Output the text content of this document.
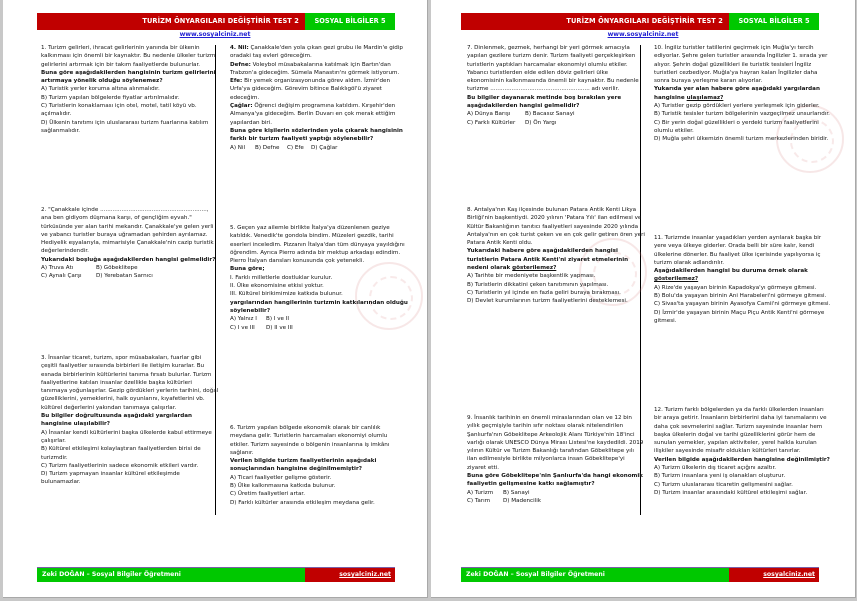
TURİZM ÖNYARGILARI DEĞİŞTİRİR TEST 2	SOSYAL BİLGİLER 5
www.sosyalciniz.net

1. Turizm gelirleri, ihracat gelirlerinin yanında bir ülkenin kalkınması için önemli bir kaynaktır. Bu nedenle ülkeler turizm gelirlerini artırmak için bir takım faaliyetlerde bulunurlar.

Buna göre aşağıdakilerden hangisinin turizm gelirlerini artırmaya yönelik olduğu söylenemez?

A) Turistik yerler koruma altına alınmalıdır.
B) Turizm yapılan bölgelerde fiyatlar artırılmalıdır.
C) Turistlerin konaklaması için otel, motel, tatil köyü vb. açılmalıdır.
D) Ülkenin tanıtımı için uluslararası turizm fuarlarına katılım sağlanmalıdır.

2. "Çanakkale içinde ............................................................, ana ben gidiyom düşmana karşı, of gençliğim eyvah." türküsünde yer alan tarihi mekandır. Çanakkale'ye gelen yerli ve yabancı turistler buraya uğramadan şehirden ayrılamaz. Hediyelik eşyalarıyla, mimarisiyle Çanakkale'nin cazip turistik değerlerindendir.

Yukarıdaki boşluğa aşağıdakilerden hangisi gelmelidir?

A) Truva Atı	B) Göbeklitepe
C) Aynalı Çarşı	D) Yerebatan Sarnıcı

3. İnsanlar ticaret, turizm, spor müsabakaları, fuarlar gibi çeşitli faaliyetler sırasında birbirleri ile iletişim kurarlar. Bu esnada birbirlerinin kültürlerini tanıma fırsatı bulurlar. Turizm faaliyetlerine katılan insanlar özellikle başka kültürleri tanımaya yoğunlaşırlar. Gezip gördükleri yerlerin tarihini, doğal güzelliklerini, yemeklerini, halk oyunlarını, kıyafetlerini vb. kültürel değerlerini yakından tanımaya çalışırlar.

Bu bilgiler doğrultusunda aşağıdaki yargılardan hangisine ulaşılabilir?

A) İnsanlar kendi kültürlerini başka ülkelerde kabul ettirmeye çalışırlar.
B) Kültürel etkileşimi kolaylaştıran faaliyetlerden birisi de turizmdir.
C) Turizm faaliyetlerinin sadece ekonomik etkileri vardır.
D) Turizm yapmayan insanlar kültürel etkileşimde bulunamazlar.

4. Nil: Çanakkale'den yola çıkan gezi grubu ile Mardin'e gidip oradaki taş evleri göreceğim.

Defne: Voleybol müsabakalarına katılmak için Bartın'dan Trabzon'a gideceğim. Sümela Manastırı'nı görmek istiyorum.

Efe: Bir yemek organizasyonunda görev aldım. İzmir'den Urfa'ya gideceğim. Görevim bitince Balıklıgöl'ü ziyaret edeceğim.

Çağlar: Öğrenci değişim programına katıldım. Kırşehir'den Almanya'ya gideceğim. Berlin Duvarı en çok merak ettiğim yapılardan biri.

Buna göre kişilerin sözlerinden yola çıkarak hangisinin farklı bir turizm faaliyeti yaptığı söylenebilir?

A) Nil	B) Defne	C) Efe	D) Çağlar

5. Geçen yaz ailemle birlikte İtalya'ya düzenlenen geziye katıldık. Venedik'te gondola bindim. Müzeleri gezdik, tarihi eserleri inceledim. Pizzanın İtalya'dan tüm dünyaya yayıldığını öğrendim. Ayrıca Pierro adında bir mektup arkadaşı edindim. Pierro İtalyan dansları konusunda çok yetenekli.

Buna göre;

I. Farklı milletlerle dostluklar kurulur.
II. Ülke ekonomisine etkisi yoktur.
III. Kültürel birikimimize katkıda bulunur.

yargılarından hangilerinin turizmin katkılarından olduğu söylenebilir?

A) Yalnız I	B) I ve II
C) I ve III	D) II ve III

6. Turizm yapılan bölgede ekonomik olarak bir canlılık meydana gelir. Turistlerin harcamaları ekonomiyi olumlu etkiler. Turizm sayesinde o bölgenin insanlarına iş imkânı sağlanır.

Verilen bilgide turizm faaliyetlerinin aşağıdaki sonuçlarından hangisine değinilmemiştir?

A) Ticari faaliyetler gelişme gösterir.
B) Ülke kalkınmasına katkıda bulunur.
C) Üretim faaliyetleri artar.
D) Farklı kültürler arasında etkileşim meydana gelir.
Zeki DOĞAN – Sosyal Bilgiler Öğretmeni	sosyalciniz.net
TURİZM ÖNYARGILARI DEĞİŞTİRİR TEST 2	SOSYAL BİLGİLER 5
www.sosyalciniz.net

7. Dinlenmek, gezmek, herhangi bir yeri görmek amacıyla yapılan gezilere turizm denir. Turizm faaliyeti gerçekleşirken turistlerin yaptıkları harcamalar ekonomiyi olumlu etkiler. Yabancı turistlerden elde edilen döviz gelirleri ülke ekonomisinin kalkınmasında önemli bir kaynaktır. Bu nedenle turizme ........................................................ adı verilir.

Bu bilgiler dayanarak metinde boş bırakılan yere aşağıdakilerden hangisi gelmelidir?

A) Dünya Barışı	B) Bacasız Sanayi
C) Farklı Kültürler	D) Ön Yargı

8. Antalya'nın Kaş ilçesinde bulunan Patara Antik Kenti Likya Birliği'nin başkentiydi. 2020 yılının 'Patara Yılı' ilan edilmesi ve Kültür Bakanlığının tanıtıcı faaliyetleri sayesinde 2020 yılında Antalya'nın en çok turist çeken ve en çok gelir getiren ören yeri Patara Antik Kenti oldu.

Yukarıdaki habere göre aşağıdakilerden hangisi turistlerin Patara Antik Kenti'ni ziyaret etmelerinin nedeni olarak gösterilemez?

A) Tarihte bir medeniyete başkentlik yapması.
B) Turistlerin dikkatini çeken tanıtımının yapılması.
C) Turistlerin yıl içinde en fazla geliri buraya bırakması.
D) Devlet kurumlarının turizm faaliyetlerini desteklemesi.

9. İnsanlık tarihinin en önemli miraslarından olan ve 12 bin yıllık geçmişiyle tarihin sıfır noktası olarak nitelendirilen Şanlıurfa'nın Göbeklitepe Arkeolojik Alanı Türkiye'nin 18'inci varlığı olarak UNESCO Dünya Mirası Listesi'ne kaydedildi. 2019 yılının Kültür ve Turizm Bakanlığı tarafından Göbeklitepe yılı ilan edilmesiyle birlikte milyonlarca insan Göbeklitepe'yi ziyaret etti.

Buna göre Göbeklitepe'nin Şanlıurfa'da hangi ekonomik faaliyetin gelişmesine katkı sağlamıştır?

A) Turizm	B) Sanayi
C) Tarım	D) Madencilik

10. İngiliz turistler tatillerini geçirmek için Muğla'yı tercih ediyorlar. Şehre gelen turistler arasında İngilizler 1. sırada yer alıyor. Şehrin doğal güzellikleri ile turistik tesisleri İngiliz turistleri cezbediyor. Muğla'ya hayran kalan İngilizler daha sonra buraya yerleşme kararı alıyorlar.

Yukarıda yer alan habere göre aşağıdaki yargılardan hangisine ulaşılamaz?

A) Turistler gezip gördükleri yerlere yerleşmek için giderler.
B) Turistik tesisler turizm bölgelerinin vazgeçilmez unsurlarıdır.
C) Bir yerin doğal güzellikleri o yerdeki turizm faaliyetlerini olumlu etkiler.
D) Muğla şehri ülkemizin önemli turizm merkezlerinden biridir.

11. Turizmde insanlar yaşadıkları yerden ayrılarak başka bir yere veya ülkeye giderler. Orada belli bir süre kalır, kendi ülkelerine dönerler. Bu faaliyet ülke içerisinde yapılıyorsa iç turizm olarak adlandırılır.

Aşağıdakilerden hangisi bu duruma örnek olarak gösterilemez?

A) Rize'de yaşayan birinin Kapadokya'yı görmeye gitmesi.
B) Bolu'da yaşayan birinin Ani Harabeleri'ni görmeye gitmesi.
C) Sivas'ta yaşayan birinin Ayasofya Camii'ni görmeye gitmesi.
D) İzmir'de yaşayan birinin Maçu Piçu Antik Kenti'ni görmeye gitmesi.

12. Turizm farklı bölgelerden ya da farklı ülkelerden insanları bir araya getirir. İnsanların birbirlerini daha iyi tanımalarını ve daha çok sevmelerini sağlar. Turizm sayesinde insanlar hem başka ülkelerin doğal ve tarihi güzelliklerini görür hem de sunulan yemekler, yapılan aktiviteler, yerel halkla kurulan ilişkiler sayesinde misafir oldukları kültürleri tanırlar.

Verilen bilgide aşağıdakilerden hangisine değinilmiştir?

A) Turizm ülkelerin dış ticaret açığını azaltır.
B) Turizm insanlara yeni iş olanakları oluşturur.
C) Turizm uluslararası ticaretin gelişmesini sağlar.
D) Turizm insanlar arasındaki kültürel etkileşimi sağlar.
Zeki DOĞAN – Sosyal Bilgiler Öğretmeni	sosyalciniz.net
